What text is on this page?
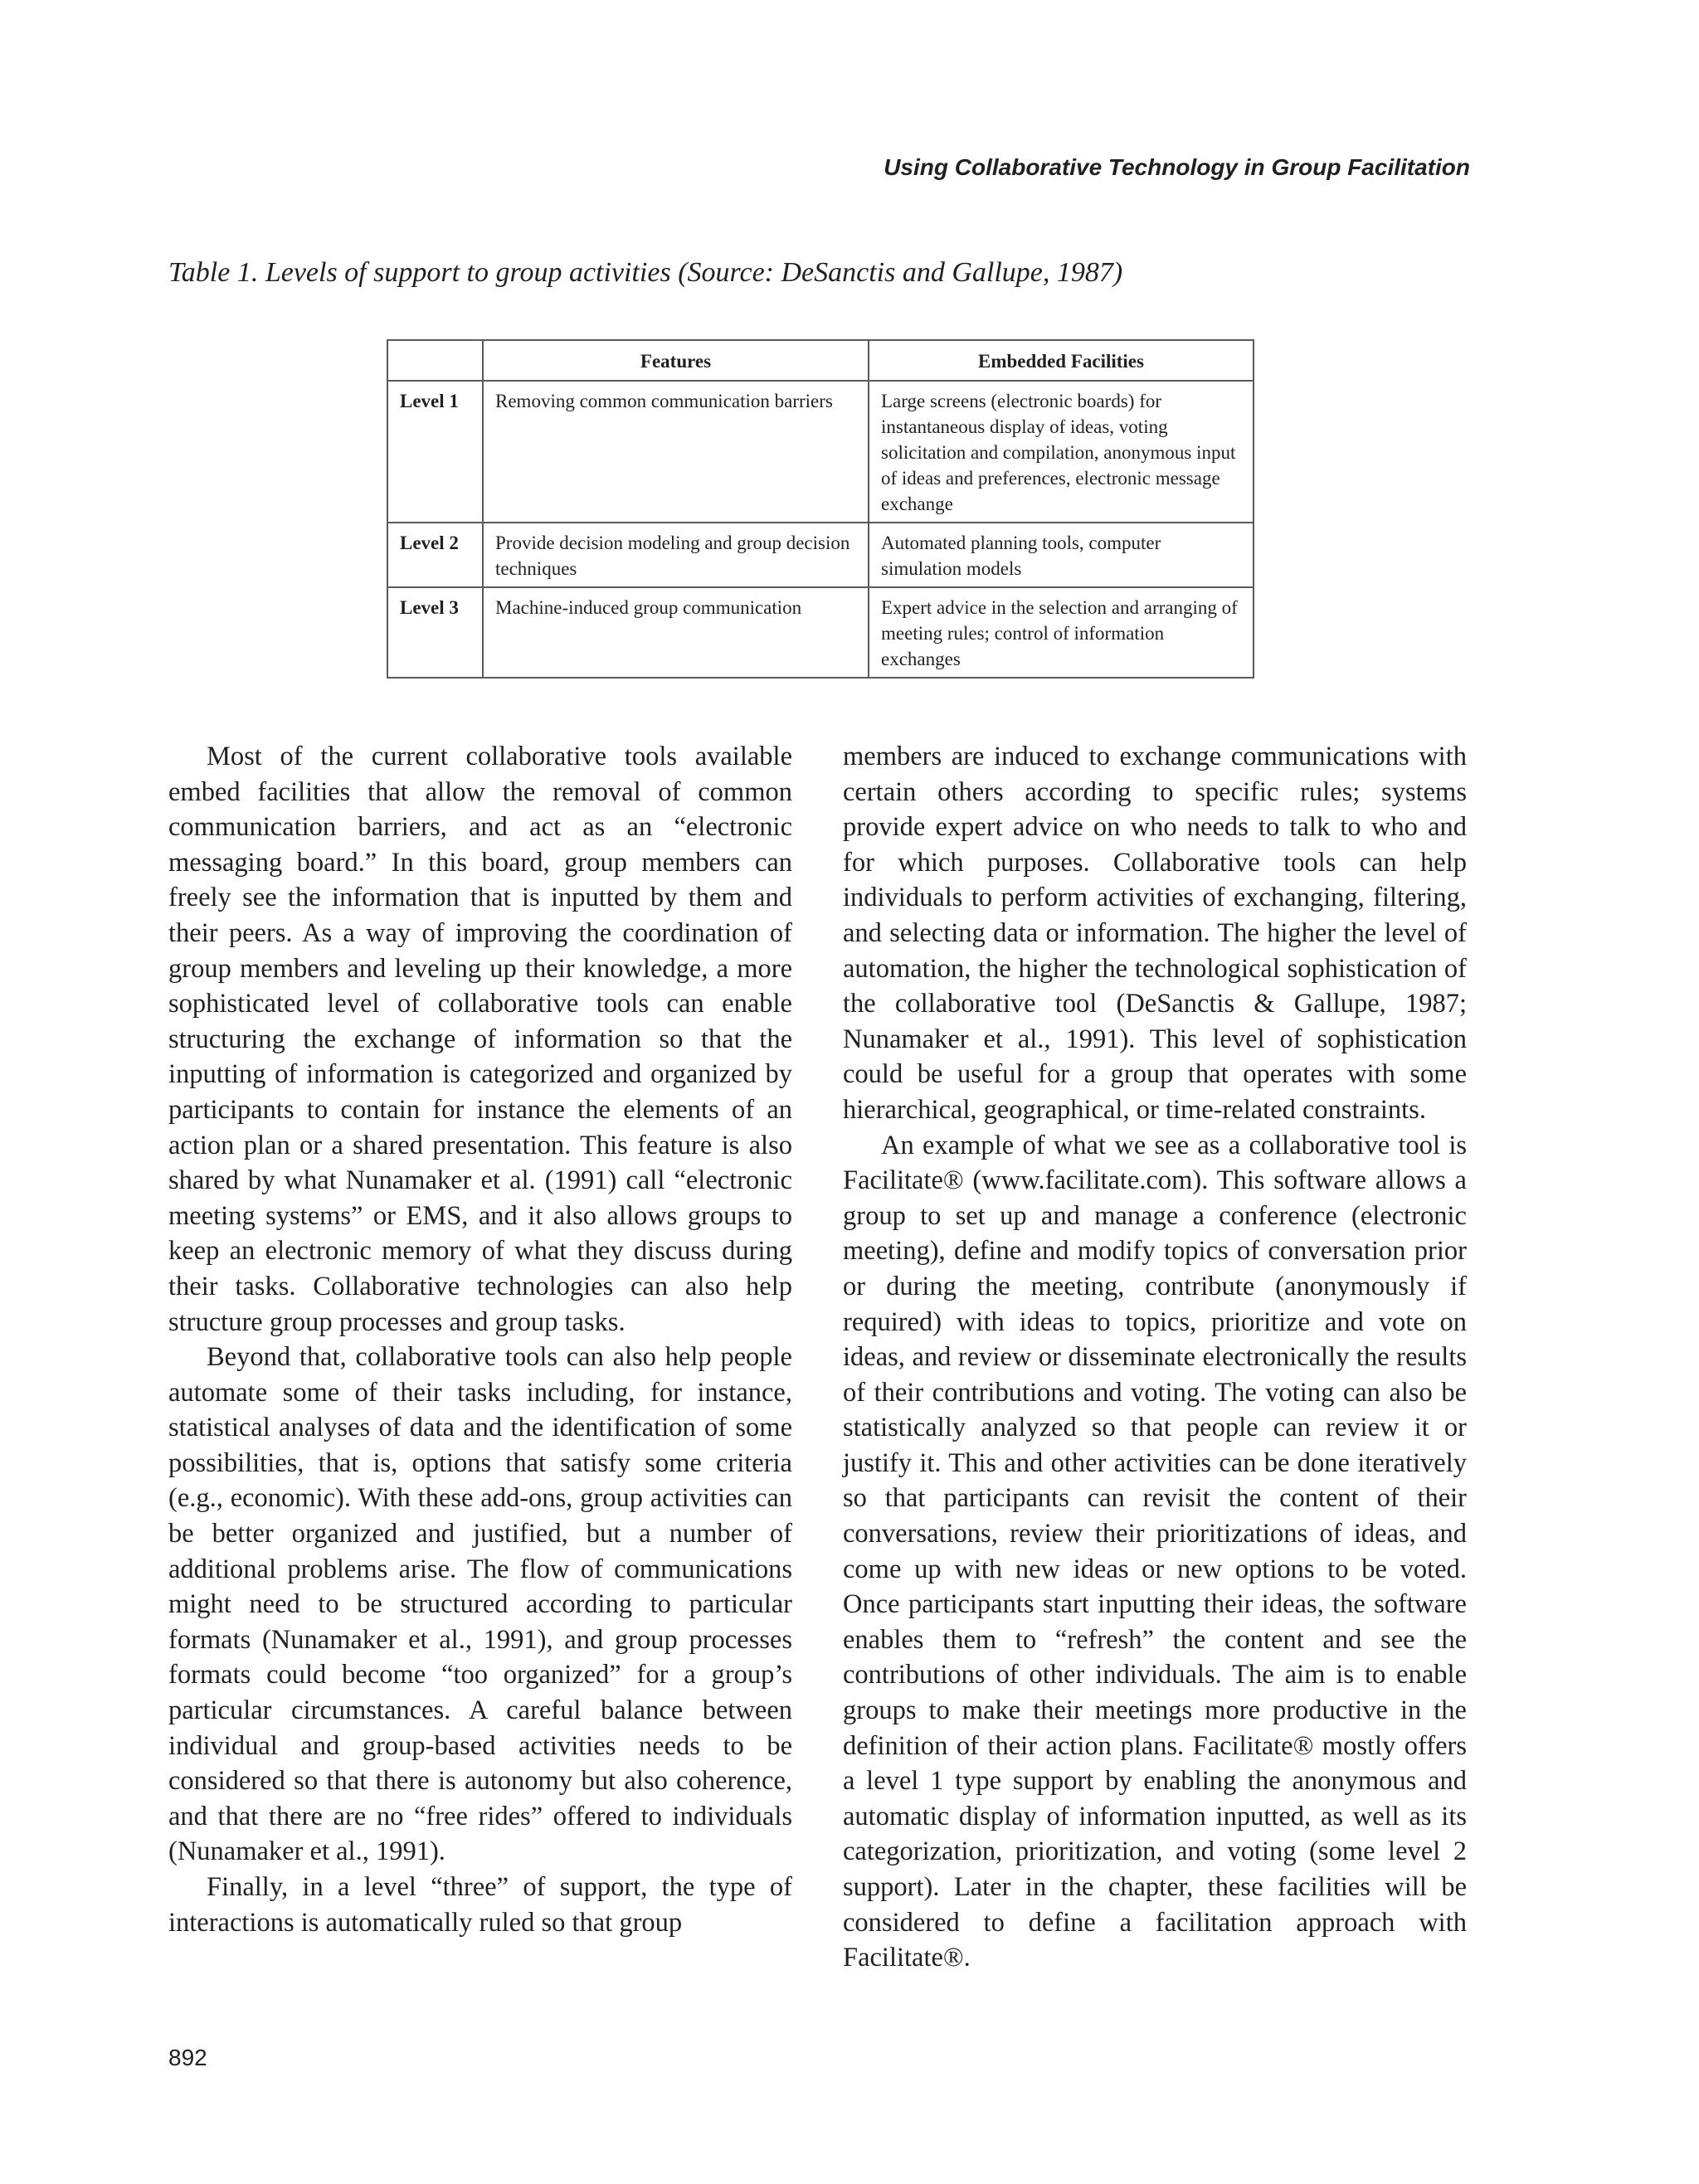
Using Collaborative Technology in Group Facilitation
Table 1. Levels of support to group activities (Source: DeSanctis and Gallupe, 1987)
	Features	Embedded Facilities
Level 1	Removing common communication barriers	Large screens (electronic boards) for instantaneous display of ideas, voting solicitation and compilation, anonymous input of ideas and preferences, electronic message exchange
Level 2	Provide decision modeling and group decision techniques	Automated planning tools, computer simulation models
Level 3	Machine-induced group communication	Expert advice in the selection and arranging of meeting rules; control of information exchanges

Most of the current collaborative tools available embed facilities that allow the removal of common communication barriers, and act as an “electronic messaging board.” In this board, group members can freely see the information that is inputted by them and their peers. As a way of improving the coordination of group members and leveling up their knowledge, a more sophisticated level of collaborative tools can enable structuring the exchange of information so that the inputting of information is categorized and organized by participants to contain for instance the elements of an action plan or a shared presentation. This feature is also shared by what Nunamaker et al. (1991) call “electronic meeting systems” or EMS, and it also allows groups to keep an electronic memory of what they discuss during their tasks. Collaborative technologies can also help structure group processes and group tasks.

Beyond that, collaborative tools can also help people automate some of their tasks including, for instance, statistical analyses of data and the identification of some possibilities, that is, options that satisfy some criteria (e.g., economic). With these add-ons, group activities can be better organized and justified, but a number of additional problems arise. The flow of communications might need to be structured according to particular formats (Nunamaker et al., 1991), and group processes formats could become “too organized” for a group’s particular circumstances. A careful balance between individual and group-based activities needs to be considered so that there is autonomy but also coherence, and that there are no “free rides” offered to individuals (Nunamaker et al., 1991).

Finally, in a level “three” of support, the type of interactions is automatically ruled so that group

members are induced to exchange communications with certain others according to specific rules; systems provide expert advice on who needs to talk to who and for which purposes. Collaborative tools can help individuals to perform activities of exchanging, filtering, and selecting data or information. The higher the level of automation, the higher the technological sophistication of the collaborative tool (DeSanctis & Gallupe, 1987; Nunamaker et al., 1991). This level of sophistication could be useful for a group that operates with some hierarchical, geographical, or time-related constraints.

An example of what we see as a collaborative tool is Facilitate® (www.facilitate.com). This software allows a group to set up and manage a conference (electronic meeting), define and modify topics of conversation prior or during the meeting, contribute (anonymously if required) with ideas to topics, prioritize and vote on ideas, and review or disseminate electronically the results of their contributions and voting. The voting can also be statistically analyzed so that people can review it or justify it. This and other activities can be done iteratively so that participants can revisit the content of their conversations, review their prioritizations of ideas, and come up with new ideas or new options to be voted. Once participants start inputting their ideas, the software enables them to “refresh” the content and see the contributions of other individuals. The aim is to enable groups to make their meetings more productive in the definition of their action plans. Facilitate® mostly offers a level 1 type support by enabling the anonymous and automatic display of information inputted, as well as its categorization, prioritization, and voting (some level 2 support). Later in the chapter, these facilities will be considered to define a facilitation approach with Facilitate®.

892
